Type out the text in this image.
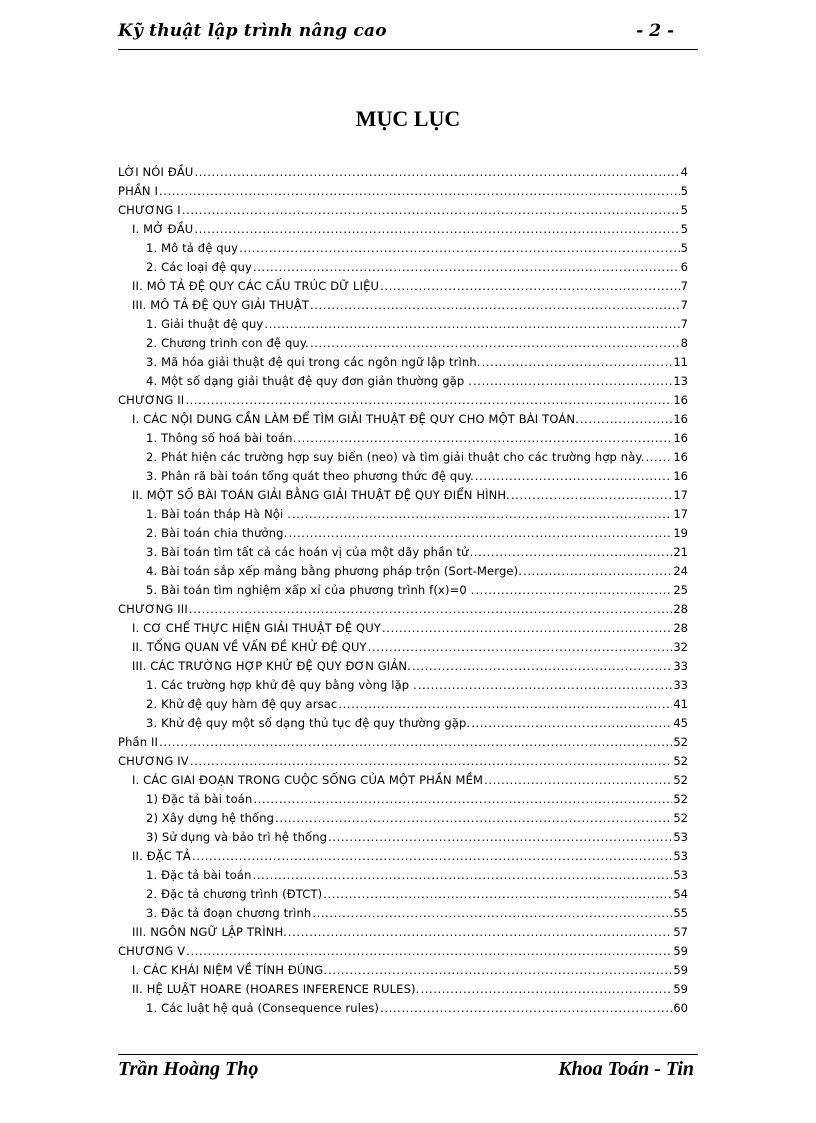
Kỹ thuật lập trình nâng cao	- 2 -
MỤC LỤC
LỜI NÓI ĐẦU .....	4
PHẦN I .....	5
CHƯƠNG I .....	5
I. MỞ ĐẦU .....	5
1. Mô tả đệ quy .....	5
2. Các loại đệ quy .....	6
II. MÔ TẢ ĐỆ QUY CÁC CẤU TRÚC DỮ LIỆU .....	7
III. MÔ TẢ ĐỆ QUY GIẢI THUẬT .....	7
1. Giải thuật đệ quy .....	7
2. Chương trình con đệ quy. .....	8
3. Mã hóa giải thuật đệ qui trong các ngôn ngữ lập trình. .....	11
4. Một số dạng giải thuật đệ quy đơn giản thường gặp . .....	13
CHƯƠNG II .....	16
I. CÁC NỘI DUNG CẦN LÀM ĐỂ TÌM GIẢI THUẬT ĐỆ QUY CHO MỘT BÀI TOÁN. .....	16
1. Thông số hoá bài toán. .....	16
2. Phát hiện các trường hợp suy biến (neo) và tìm giải thuật cho các trường hợp này. .....	16
3. Phân rã bài toán tổng quát theo phương thức đệ quy. .....	16
II. MỘT SỐ BÀI TOÁN GIẢI BẰNG GIẢI THUẬT ĐỆ QUY ĐIỂN HÌNH. .....	17
1. Bài toán tháp Hà Nội . .....	17
2. Bài toán chia thưởng. .....	19
3. Bài toán tìm tất cả các hoán vị của một dãy phần tử .....	21
4. Bài toán sắp xếp mảng bằng phương pháp trộn (Sort-Merge). .....	24
5. Bài toán tìm nghiệm xấp xỉ của phương trình f(x)=0 . .....	25
CHƯƠNG III .....	28
I. CƠ CHẾ THỰC HIỆN GIẢI THUẬT ĐỆ QUY .....	28
II. TỔNG QUAN VỀ VẤN ĐỀ KHỬ ĐỆ QUY .....	32
III. CÁC TRƯỜNG HỢP KHỬ ĐỆ QUY ĐƠN GIẢN. .....	33
1. Các trường hợp khử đệ quy bằng vòng lặp . .....	33
2. Khử đệ quy hàm đệ quy arsac .....	41
3. Khử đệ quy một số dạng thủ tục đệ quy thường gặp. .....	45
Phần II .....	52
CHƯƠNG IV .....	52
I. CÁC GIAI ĐOẠN TRONG CUỘC SỐNG CỦA MỘT PHẦN MỀM .....	52
1) Đặc tả bài toán .....	52
2) Xây dựng hệ thống .....	52
3) Sử dụng và bảo trì hệ thống .....	53
II. ĐẶC TẢ .....	53
1. Đặc tả bài toán .....	53
2. Đặc tả chương trình (ĐTCT) .....	54
3. Đặc tả đoạn chương trình .....	55
III. NGÔN NGỮ LẬP TRÌNH. .....	57
CHƯƠNG V .....	59
I. CÁC KHÁI NIỆM VỀ TÍNH ĐÚNG. .....	59
II. HỆ LUẬT HOARE (HOARES INFERENCE RULES). .....	59
1. Các luật hệ quả (Consequence rules) .....	60
Trần Hoàng Thọ	Khoa Toán - Tin
